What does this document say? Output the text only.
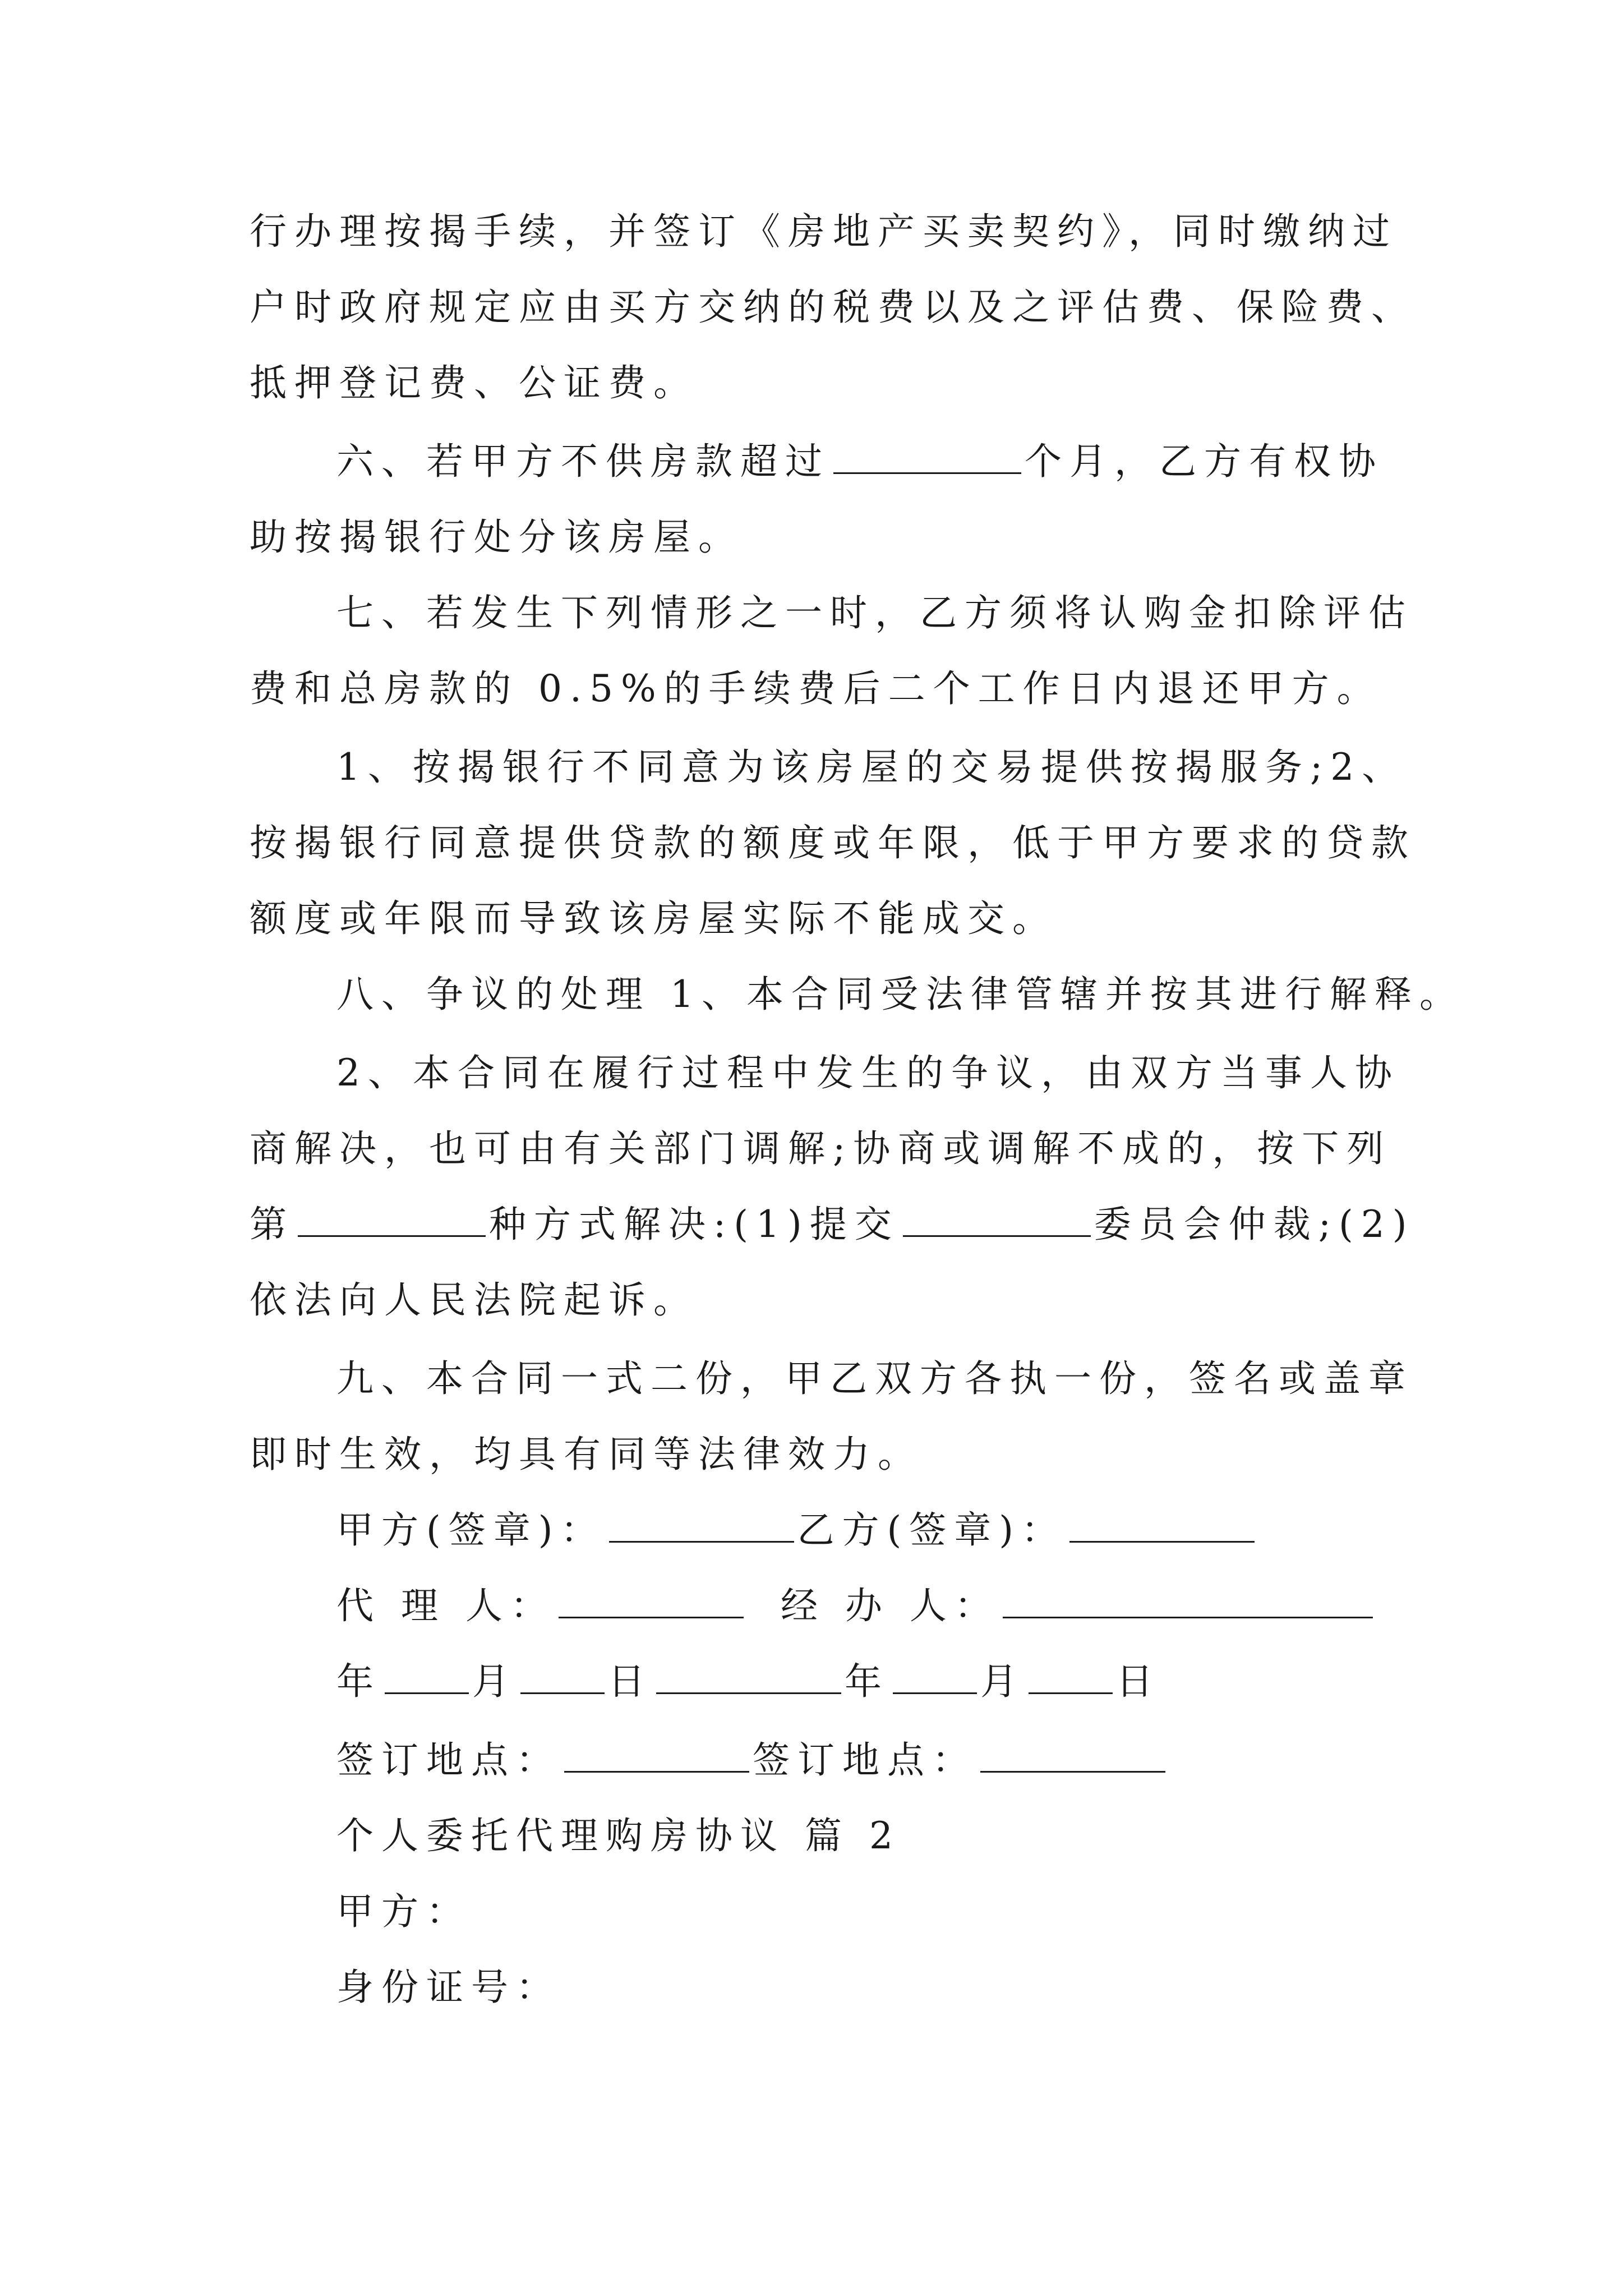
行办理按揭手续，并签订《房地产买卖契约》，同时缴纳过
户时政府规定应由买方交纳的税费以及之评估费、保险费、
抵押登记费、公证费。
六、若甲方不供房款超过	个月，乙方有权协
助按揭银行处分该房屋。
七、若发生下列情形之一时，乙方须将认购金扣除评估
费和总房款的 0.5%的手续费后二个工作日内退还甲方。
1、按揭银行不同意为该房屋的交易提供按揭服务;2、
按揭银行同意提供贷款的额度或年限，低于甲方要求的贷款
额度或年限而导致该房屋实际不能成交。
八、争议的处理 1、本合同受法律管辖并按其进行解释。
2、本合同在履行过程中发生的争议，由双方当事人协
商解决，也可由有关部门调解;协商或调解不成的，按下列
第	种方式解决:(1)提交	委员会仲裁;(2)
依法向人民法院起诉。
九、本合同一式二份，甲乙双方各执一份，签名或盖章
即时生效，均具有同等法律效力。
甲方(签章)：	乙方(签章)：
代 理 人：	经 办 人：
年 月 日	年 月 日
签订地点：	签订地点：
个人委托代理购房协议 篇 2
甲方：
身份证号：
